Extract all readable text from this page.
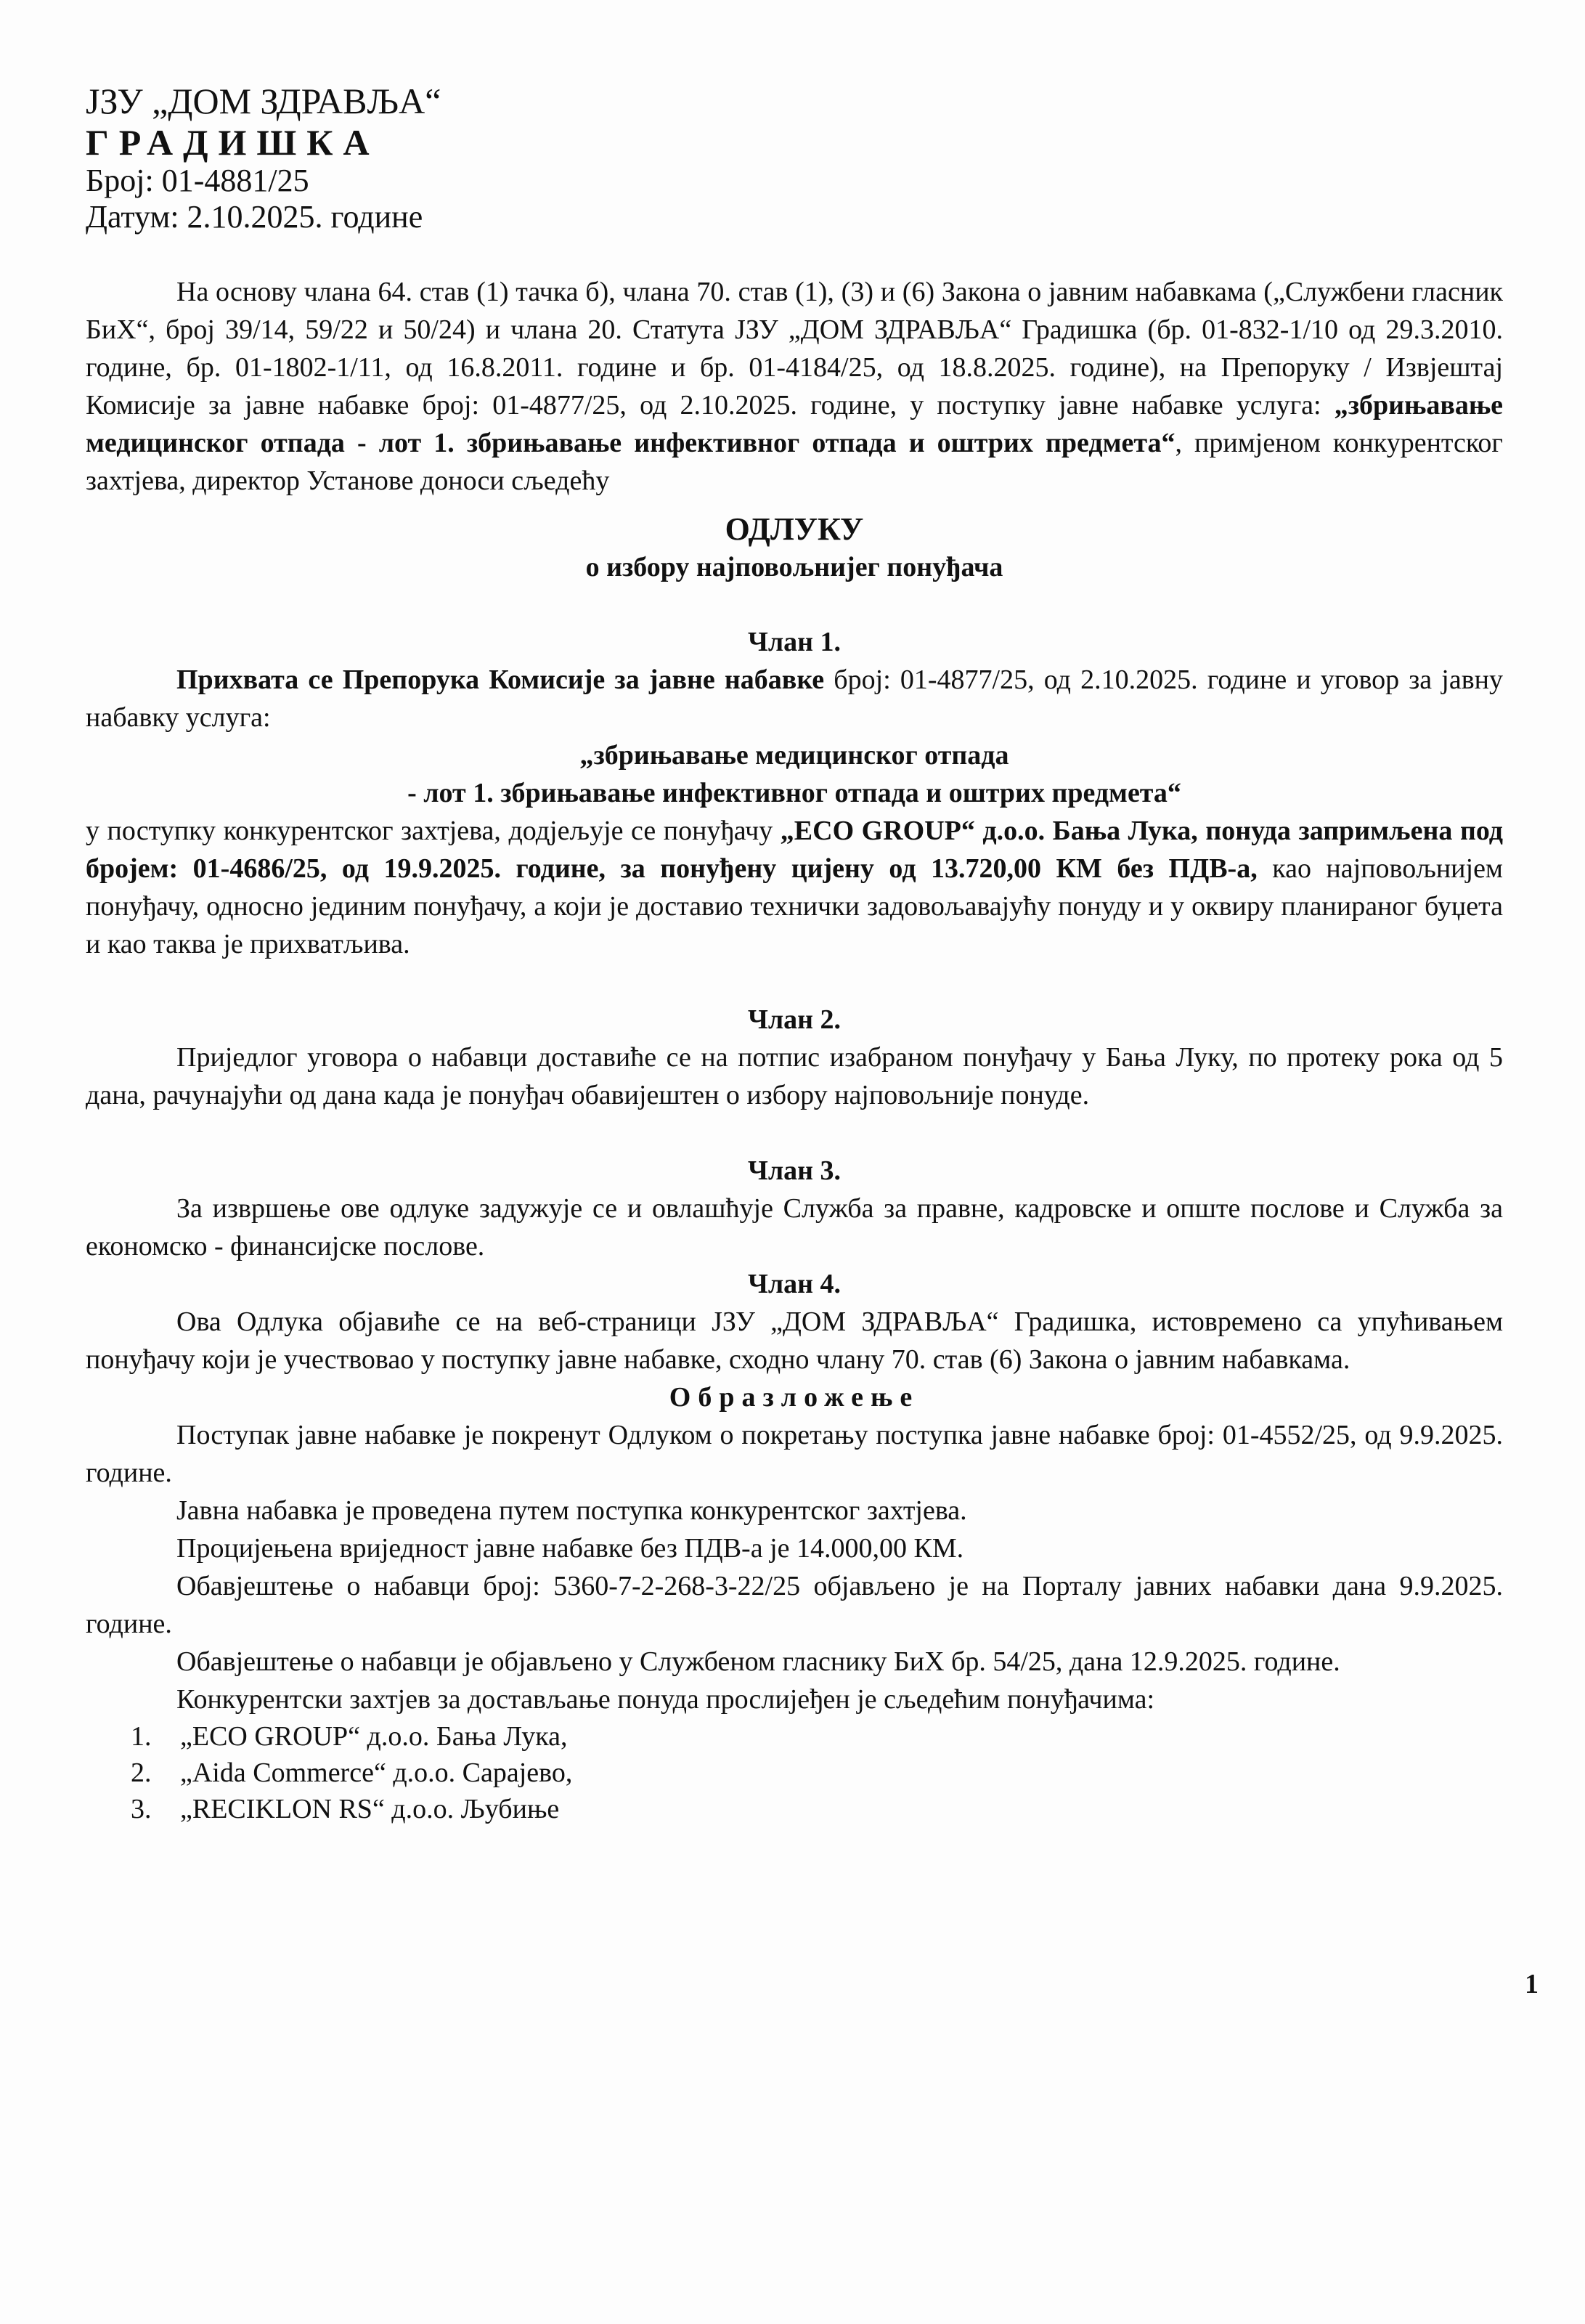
ЈЗУ „ДОМ ЗДРАВЉА“

ГРАДИШКА

Број: 01-4881/25

Датум: 2.10.2025. године

На основу члана 64. став (1) тачка б), члана 70. став (1), (3) и (6) Закона о јавним набавкама („Службени гласник БиХ“, број 39/14, 59/22 и 50/24) и члана 20. Статута ЈЗУ „ДОМ ЗДРАВЉА“ Градишка (бр. 01-832-1/10 од 29.3.2010. године, бр. 01-1802-1/11, од 16.8.2011. године и бр. 01-4184/25, од 18.8.2025. године), на Препоруку / Извјештај Комисије за јавне набавке број: 01-4877/25, од 2.10.2025. године, у поступку јавне набавке услуга: „збрињавање медицинског отпада - лот 1. збрињавање инфективног отпада и оштрих предмета“, примјеном конкурентског захтјева, директор Установе доноси сљедећу

ОДЛУКУ

о избору најповољнијег понуђача

Члан 1.

Прихвата се Препорука Комисије за јавне набавке број: 01-4877/25, од 2.10.2025. године и уговор за јавну набавку услуга:

„збрињавање медицинског отпада

- лот 1. збрињавање инфективног отпада и оштрих предмета“

у поступку конкурентског захтјева, додјељује се понуђачу „ECO GROUP“ д.о.о. Бања Лука, понуда запримљена под бројем: 01-4686/25, од 19.9.2025. године, за понуђену цијену од 13.720,00 КМ без ПДВ-а, као најповољнијем понуђачу, односно јединим понуђачу, а који је доставио технички задовољавајућу понуду и у оквиру планираног буџета и као таква је прихватљива.

Члан 2.

Приједлог уговора о набавци доставиће се на потпис изабраном понуђачу у Бања Луку, по протеку рока од 5 дана, рачунајући од дана када је понуђач обавијештен о избору најповољније понуде.

Члан 3.

За извршење ове одлуке задужује се и овлашћује Служба за правне, кадровске и опште послове и Служба за економско - финансијске послове.

Члан 4.

Ова Одлука објавиће се на веб-страници ЈЗУ „ДОМ ЗДРАВЉА“ Градишка, истовремено са упућивањем понуђачу који је учествовао у поступку јавне набавке, сходно члану 70. став (6) Закона о јавним набавкама.

Образложење

Поступак јавне набавке је покренут Одлуком о покретању поступка јавне набавке број: 01-4552/25, од 9.9.2025. године.

Јавна набавка је проведена путем поступка конкурентског захтјева.

Процијењена вриједност јавне набавке без ПДВ-а је 14.000,00 КМ.

Обавјештење о набавци број: 5360-7-2-268-3-22/25 објављено је на Порталу јавних набавки дана 9.9.2025. године.

Обавјештење о набавци је објављено у Службеном гласнику БиХ бр. 54/25, дана 12.9.2025. године.

Конкурентски захтјев за достављање понуда прослијеђен је сљедећим понуђачима:

1. „ECO GROUP“ д.о.о. Бања Лука,
2. „Aida Commerce“ д.о.о. Сарајево,
3. „RECIKLON RS“ д.о.о. Љубиње
1
